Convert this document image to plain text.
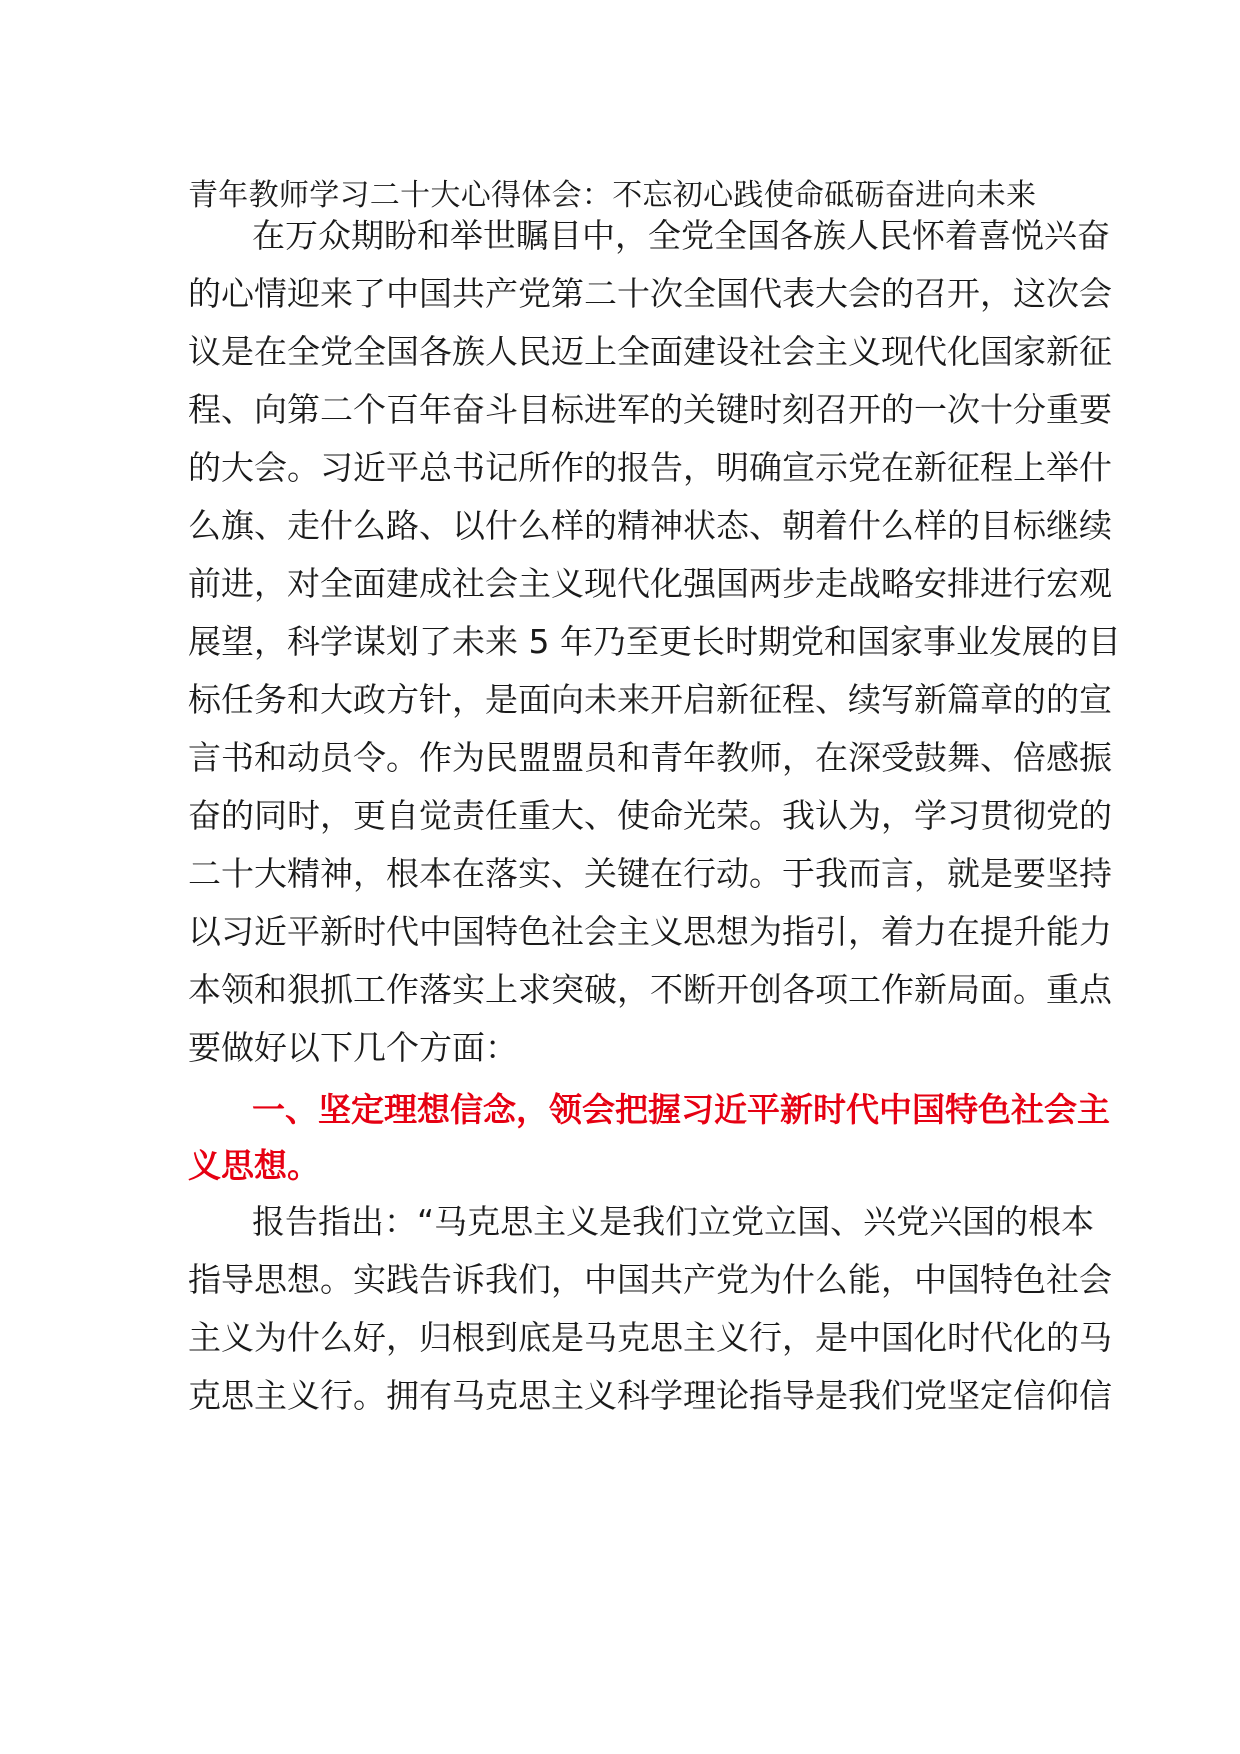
青年教师学习二十大心得体会：不忘初心践使命砥砺奋进向未来
在万众期盼和举世瞩目中，全党全国各族人民怀着喜悦兴奋
的心情迎来了中国共产党第二十次全国代表大会的召开，这次会
议是在全党全国各族人民迈上全面建设社会主义现代化国家新征
程、向第二个百年奋斗目标进军的关键时刻召开的一次十分重要
的大会。习近平总书记所作的报告，明确宣示党在新征程上举什
么旗、走什么路、以什么样的精神状态、朝着什么样的目标继续
前进，对全面建成社会主义现代化强国两步走战略安排进行宏观
展望，科学谋划了未来 5 年乃至更长时期党和国家事业发展的目
标任务和大政方针，是面向未来开启新征程、续写新篇章的的宣
言书和动员令。作为民盟盟员和青年教师，在深受鼓舞、倍感振
奋的同时，更自觉责任重大、使命光荣。我认为，学习贯彻党的
二十大精神，根本在落实、关键在行动。于我而言，就是要坚持
以习近平新时代中国特色社会主义思想为指引，着力在提升能力
本领和狠抓工作落实上求突破，不断开创各项工作新局面。重点
要做好以下几个方面：
一、坚定理想信念，领会把握习近平新时代中国特色社会主
义思想。
报告指出：“马克思主义是我们立党立国、兴党兴国的根本
指导思想。实践告诉我们，中国共产党为什么能，中国特色社会
主义为什么好，归根到底是马克思主义行，是中国化时代化的马
克思主义行。拥有马克思主义科学理论指导是我们党坚定信仰信
